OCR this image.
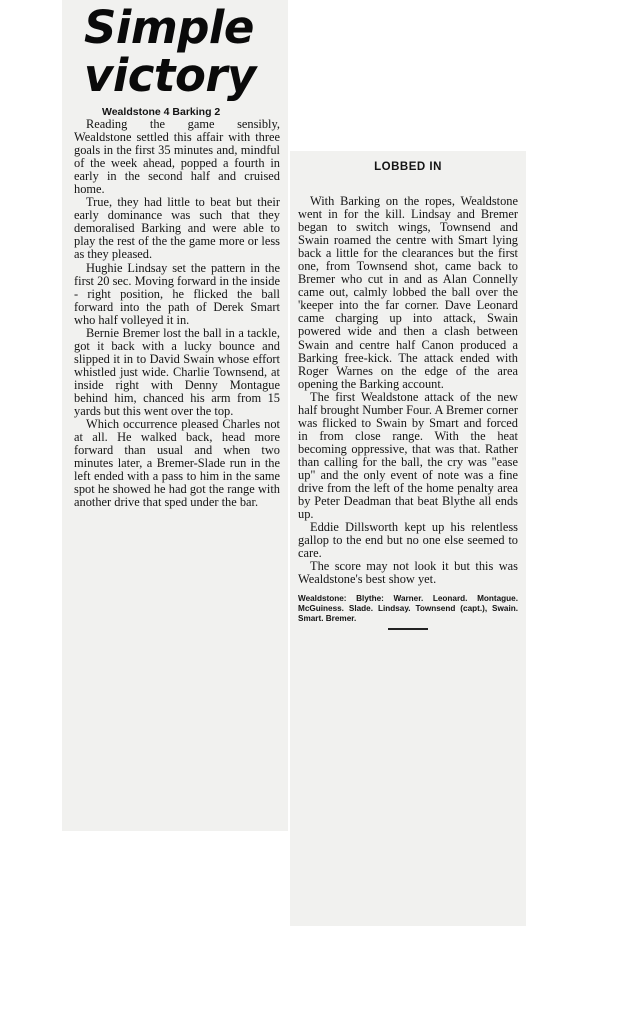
Simple
victory
Wealdstone 4 Barking 2

Reading the game sensibly, Wealdstone settled this affair with three goals in the first 35 minutes and, mindful of the week ahead, popped a fourth in early in the second half and cruised home.

True, they had little to beat but their early dominance was such that they demoralised Barking and were able to play the rest of the the game more or less as they pleased.

Hughie Lindsay set the pattern in the first 20 sec. Moving forward in the inside - right position, he flicked the ball forward into the path of Derek Smart who half volleyed it in.

Bernie Bremer lost the ball in a tackle, got it back with a lucky bounce and slipped it in to David Swain whose effort whistled just wide. Charlie Townsend, at inside right with Denny Montague behind him, chanced his arm from 15 yards but this went over the top.

Which occurrence pleased Charles not at all. He walked back, head more forward than usual and when two minutes later, a Bremer-Slade run in the left ended with a pass to him in the same spot he showed he had got the range with another drive that sped under the bar.

LOBBED IN

With Barking on the ropes, Wealdstone went in for the kill. Lindsay and Bremer began to switch wings, Townsend and Swain roamed the centre with Smart lying back a little for the clearances but the first one, from Townsend shot, came back to Bremer who cut in and as Alan Connelly came out, calmly lobbed the ball over the 'keeper into the far corner. Dave Leonard came charging up into attack, Swain powered wide and then a clash between Swain and centre half Canon produced a Barking free-kick. The attack ended with Roger Warnes on the edge of the area opening the Barking account.

The first Wealdstone attack of the new half brought Number Four. A Bremer corner was flicked to Swain by Smart and forced in from close range. With the heat becoming oppressive, that was that. Rather than calling for the ball, the cry was "ease up" and the only event of note was a fine drive from the left of the home penalty area by Peter Deadman that beat Blythe all ends up.

Eddie Dillsworth kept up his relentless gallop to the end but no one else seemed to care.

The score may not look it but this was Wealdstone's best show yet.

Wealdstone: Blythe: Warner. Leonard. Montague. McGuiness. Slade. Lindsay. Townsend (capt.), Swain. Smart. Bremer.
